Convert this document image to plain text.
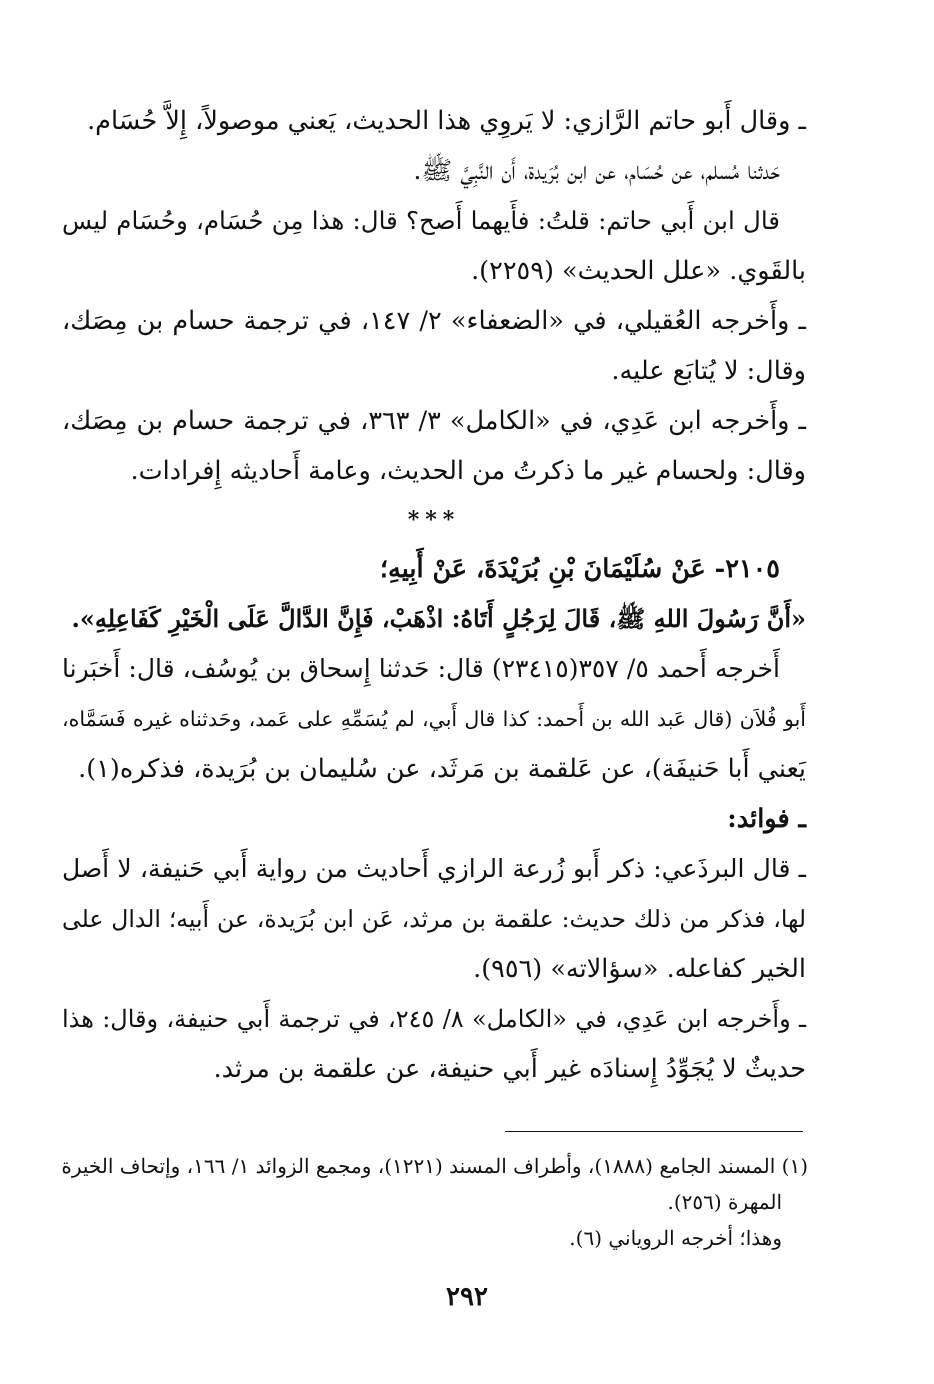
ـ وقال أَبو حاتم الرَّازي: لا يَروِي هذا الحديث، يَعني موصولاً، إِلاَّ حُسَام.

حَدثنا مُسلم، عن حُسَام، عن ابن بُرَيدة، أَن النَّبِيَّ ﷺ.

قال ابن أَبي حاتم: قلتُ: فأَيهما أَصح؟ قال: هذا مِن حُسَام، وحُسَام ليس

بالقَوي. «علل الحديث» (٢٢٥٩).

ـ وأَخرجه العُقيلي، في «الضعفاء» ٢/ ١٤٧، في ترجمة حسام بن مِصَك،

وقال: لا يُتابَع عليه.

ـ وأَخرجه ابن عَدِي، في «الكامل» ٣/ ٣٦٣، في ترجمة حسام بن مِصَك،

وقال: ولحسام غير ما ذكرتُ من الحديث، وعامة أَحاديثه إِفرادات.

***

٢١٠٥- عَنْ سُلَيْمَانَ بْنِ بُرَيْدَةَ، عَنْ أَبِيهِ؛

«أَنَّ رَسُولَ اللهِ ﷺ، قَالَ لِرَجُلٍ أَتَاهُ: اذْهَبْ، فَإِنَّ الدَّالَّ عَلَى الْخَيْرِ كَفَاعِلِهِ».

أَخرجه أَحمد ٥/ ٣٥٧(٢٣٤١٥) قال: حَدثنا إِسحاق بن يُوسُف، قال: أَخبَرنا

أَبو فُلاَن (قال عَبد الله بن أَحمد: كذا قال أَبي، لم يُسَمِّهِ على عَمد، وحَدثناه غيره فَسَمَّاه،

يَعني أَبا حَنيفَة)، عن عَلقمة بن مَرثَد، عن سُليمان بن بُرَيدة، فذكره(١).

ـ فوائد:

ـ قال البرذَعي: ذكر أَبو زُرعة الرازي أَحاديث من رواية أَبي حَنيفة، لا أَصل

لها، فذكر من ذلك حديث: علقمة بن مرثد، عَن ابن بُرَيدة، عن أَبيه؛ الدال على

الخير كفاعله. «سؤالاته» (٩٥٦).

ـ وأَخرجه ابن عَدِي، في «الكامل» ٨/ ٢٤٥، في ترجمة أَبي حنيفة، وقال: هذا

حديثٌ لا يُجَوِّدُ إِسنادَه غير أَبي حنيفة، عن علقمة بن مرثد.

(١) المسند الجامع (١٨٨٨)، وأطراف المسند (١٢٢١)، ومجمع الزوائد ١/ ١٦٦، وإتحاف الخيرة

المهرة (٢٥٦).

وهذا؛ أخرجه الروياني (٦).

٢٩٢
